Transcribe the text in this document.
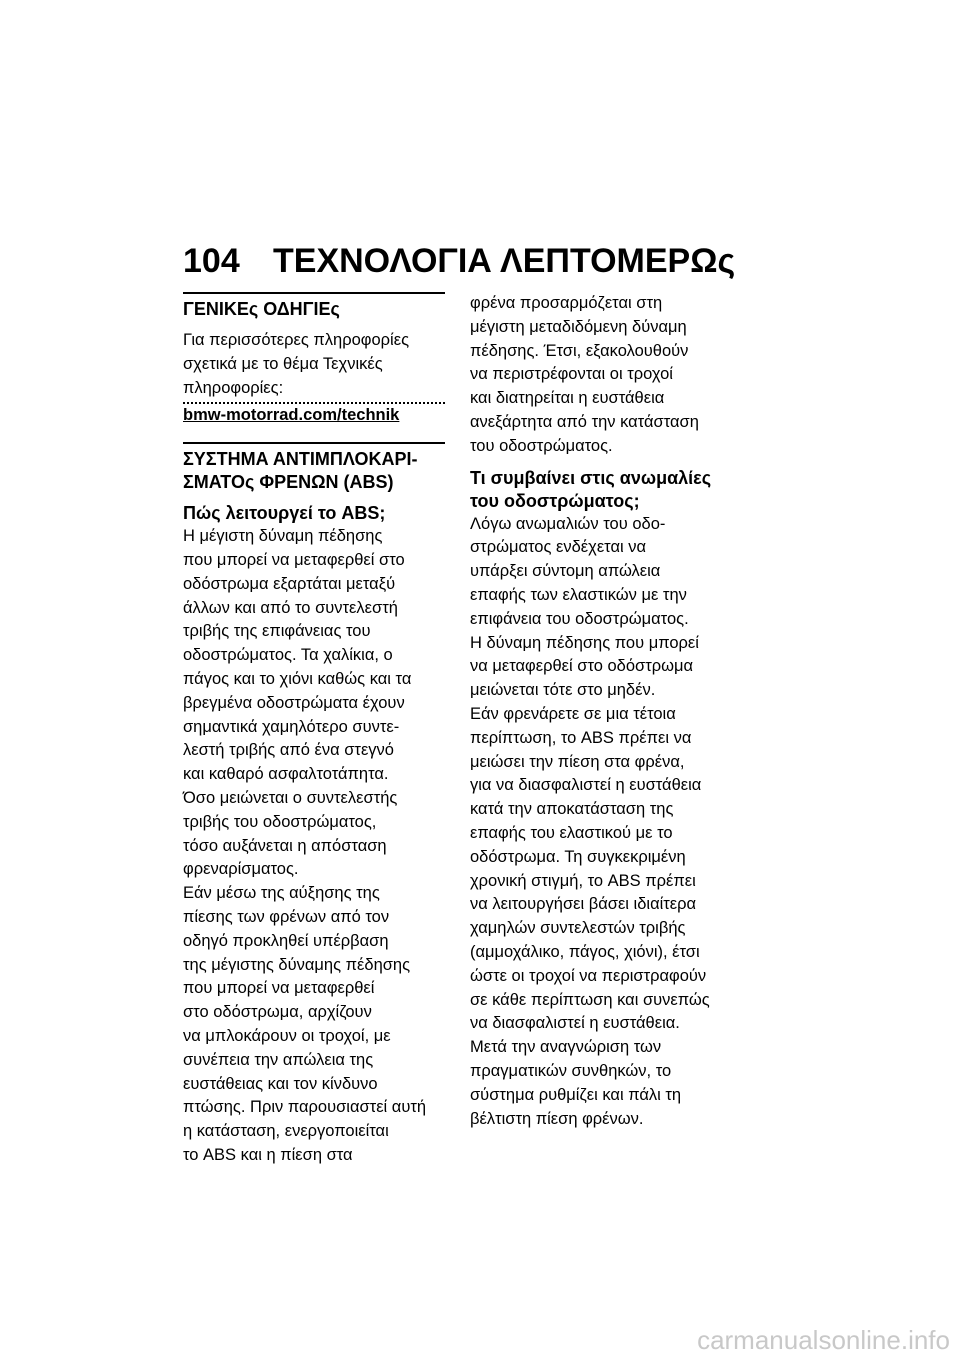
104 ΤΕΧΝΟΛΟΓΙΑ ΛΕΠΤΟΜΕΡΩς
ΓΕΝΙΚΕς ΟΔΗΓΙΕς
Για περισσότερες πληροφορίες
σχετικά με το θέμα Τεχνικές
πληροφορίες:
bmw-motorrad.com/technik
ΣΥΣΤΗΜΑ ΑΝΤΙΜΠΛΟΚΑΡΙ-
ΣΜΑΤΟς ΦΡΕΝΩΝ (ABS)
Πώς λειτουργεί το ABS;
Η μέγιστη δύναμη πέδησης
που μπορεί να μεταφερθεί στο
οδόστρωμα εξαρτάται μεταξύ
άλλων και από το συντελεστή
τριβής της επιφάνειας του
οδοστρώματος. Τα χαλίκια, ο
πάγος και το χιόνι καθώς και τα
βρεγμένα οδοστρώματα έχουν
σημαντικά χαμηλότερο συντε-
λεστή τριβής από ένα στεγνό
και καθαρό ασφαλτοτάπητα.
Όσο μειώνεται ο συντελεστής
τριβής του οδοστρώματος,
τόσο αυξάνεται η απόσταση
φρεναρίσματος.
Εάν μέσω της αύξησης της
πίεσης των φρένων από τον
οδηγό προκληθεί υπέρβαση
της μέγιστης δύναμης πέδησης
που μπορεί να μεταφερθεί
στο οδόστρωμα, αρχίζουν
να μπλοκάρουν οι τροχοί, με
συνέπεια την απώλεια της
ευστάθειας και τον κίνδυνο
πτώσης. Πριν παρουσιαστεί αυτή
η κατάσταση, ενεργοποιείται
το ABS και η πίεση στα
φρένα προσαρμόζεται στη
μέγιστη μεταδιδόμενη δύναμη
πέδησης. Έτσι, εξακολουθούν
να περιστρέφονται οι τροχοί
και διατηρείται η ευστάθεια
ανεξάρτητα από την κατάσταση
του οδοστρώματος.
Τι συμβαίνει στις ανωμαλίες
του οδοστρώματος;
Λόγω ανωμαλιών του οδο-
στρώματος ενδέχεται να
υπάρξει σύντομη απώλεια
επαφής των ελαστικών με την
επιφάνεια του οδοστρώματος.
Η δύναμη πέδησης που μπορεί
να μεταφερθεί στο οδόστρωμα
μειώνεται τότε στο μηδέν.
Εάν φρενάρετε σε μια τέτοια
περίπτωση, το ABS πρέπει να
μειώσει την πίεση στα φρένα,
για να διασφαλιστεί η ευστάθεια
κατά την αποκατάσταση της
επαφής του ελαστικού με το
οδόστρωμα. Τη συγκεκριμένη
χρονική στιγμή, το ABS πρέπει
να λειτουργήσει βάσει ιδιαίτερα
χαμηλών συντελεστών τριβής
(αμμοχάλικο, πάγος, χιόνι), έτσι
ώστε οι τροχοί να περιστραφούν
σε κάθε περίπτωση και συνεπώς
να διασφαλιστεί η ευστάθεια.
Μετά την αναγνώριση των
πραγματικών συνθηκών, το
σύστημα ρυθμίζει και πάλι τη
βέλτιστη πίεση φρένων.
carmanualsonline.info
